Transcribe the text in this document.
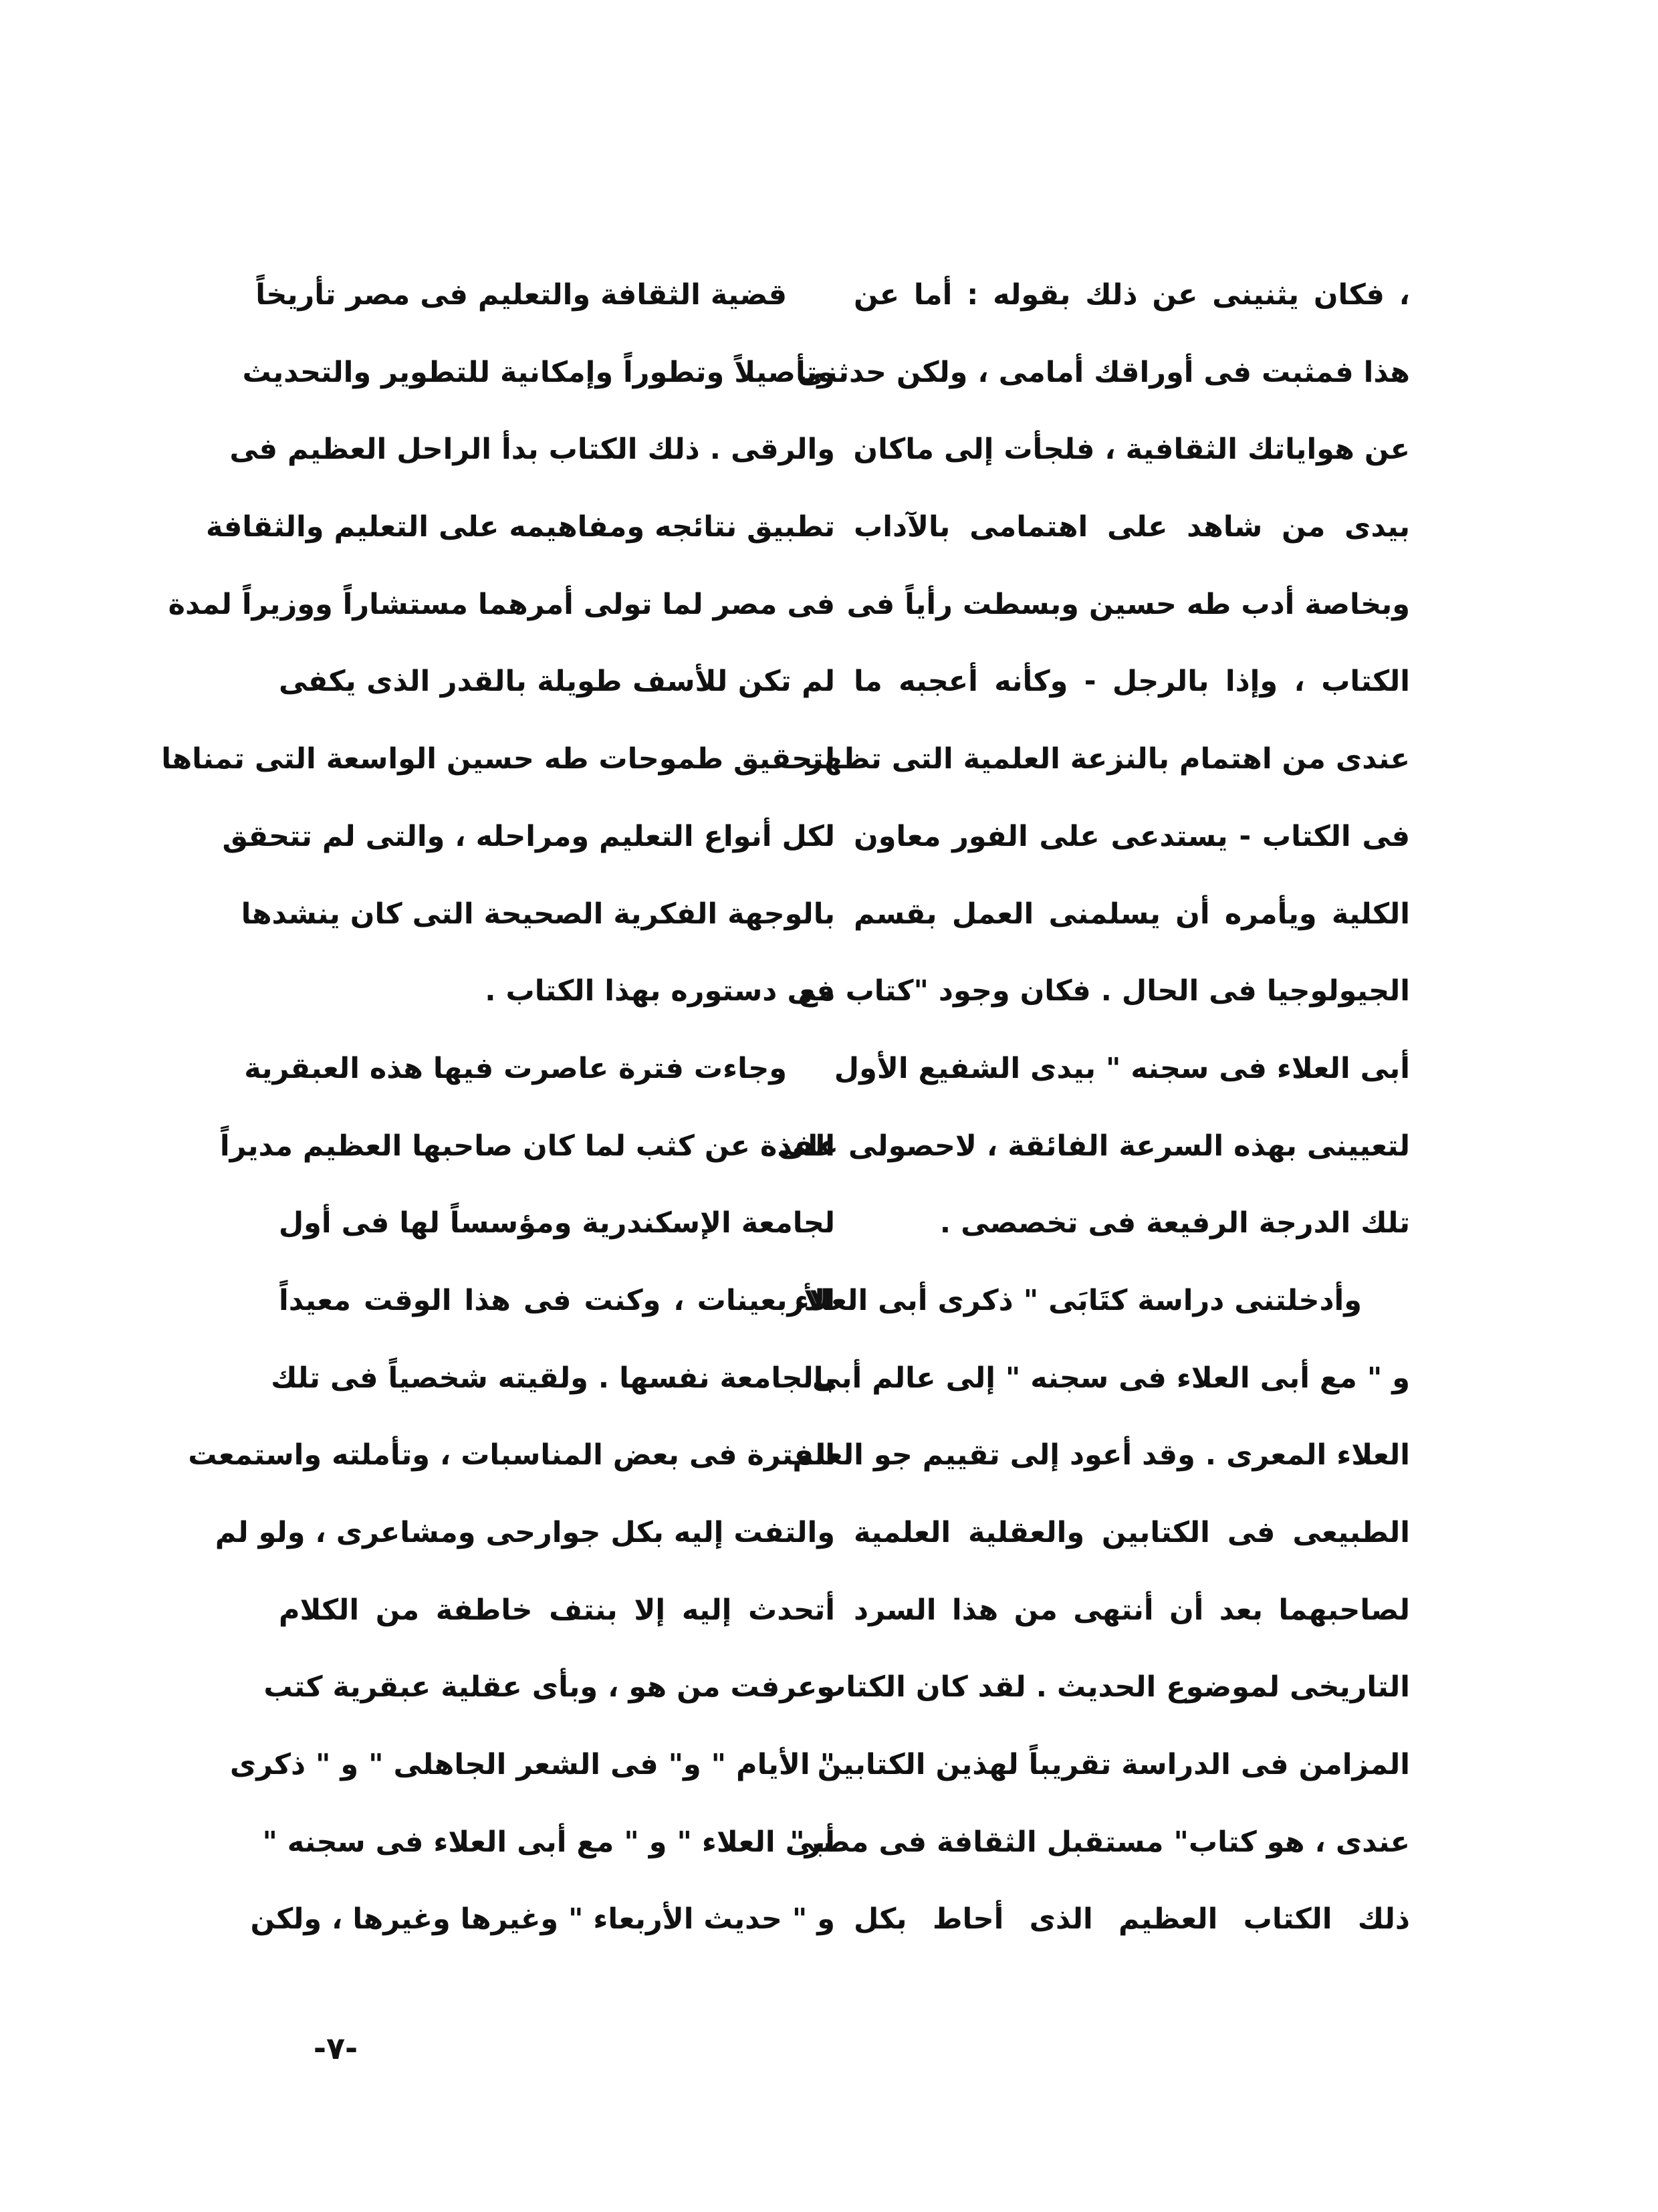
، فكان يثنينى عن ذلك بقوله : أما عن
هذا فمثبت فى أوراقك أمامى ، ولكن حدثنى
عن هواياتك الثقافية ، فلجأت إلى ماكان
بيدى من شاهد على اهتمامى بالآداب
وبخاصة أدب طه حسين وبسطت رأياً فى
الكتاب ، وإذا بالرجل - وكأنه أعجبه ما
عندى من اهتمام بالنزعة العلمية التى تظهر
فى الكتاب - يستدعى على الفور معاون
الكلية ويأمره أن يسلمنى العمل بقسم
الجيولوجيا فى الحال . فكان وجود "كتاب مع
أبى العلاء فى سجنه " بيدى الشفيع الأول
لتعيينى بهذه السرعة الفائقة ، لاحصولى على
تلك الدرجة الرفيعة فى تخصصى .
وأدخلتنى دراسة كتَابَى " ذكرى أبى العلاء
و " مع أبى العلاء فى سجنه " إلى عالم أبى
العلاء المعرى . وقد أعود إلى تقييم جو العلم
الطبيعى فى الكتابين والعقلية العلمية
لصاحبهما بعد أن أنتهى من هذا السرد
التاريخى لموضوع الحديث . لقد كان الكتاب
المزامن فى الدراسة تقريباً لهذين الكتابين
عندى ، هو كتاب" مستقبل الثقافة فى مصر"
ذلك الكتاب العظيم الذى أحاط بكل
قضية الثقافة والتعليم فى مصر تأريخاً
وتأصيلاً وتطوراً وإمكانية للتطوير والتحديث
والرقى . ذلك الكتاب بدأ الراحل العظيم فى
تطبيق نتائجه ومفاهيمه على التعليم والثقافة
فى مصر لما تولى أمرهما مستشاراً ووزيراً لمدة
لم تكن للأسف طويلة بالقدر الذى يكفى
لتحقيق طموحات طه حسين الواسعة التى تمناها
لكل أنواع التعليم ومراحله ، والتى لم تتحقق
بالوجهة الفكرية الصحيحة التى كان ينشدها
فى دستوره بهذا الكتاب .
وجاءت فترة عاصرت فيها هذه العبقرية
الفذة عن كثب لما كان صاحبها العظيم مديراً
لجامعة الإسكندرية ومؤسساً لها فى أول
الأربعينات ، وكنت فى هذا الوقت معيداً
بالجامعة نفسها . ولقيته شخصياً فى تلك
الفترة فى بعض المناسبات ، وتأملته واستمعت
والتفت إليه بكل جوارحى ومشاعرى ، ولو لم
أتحدث إليه إلا بنتف خاطفة من الكلام
وعرفت من هو ، وبأى عقلية عبقرية كتب
" الأيام " و" فى الشعر الجاهلى " و " ذكرى
أبى العلاء " و " مع أبى العلاء فى سجنه "
و " حديث الأربعاء " وغيرها وغيرها ، ولكن
-٧-
